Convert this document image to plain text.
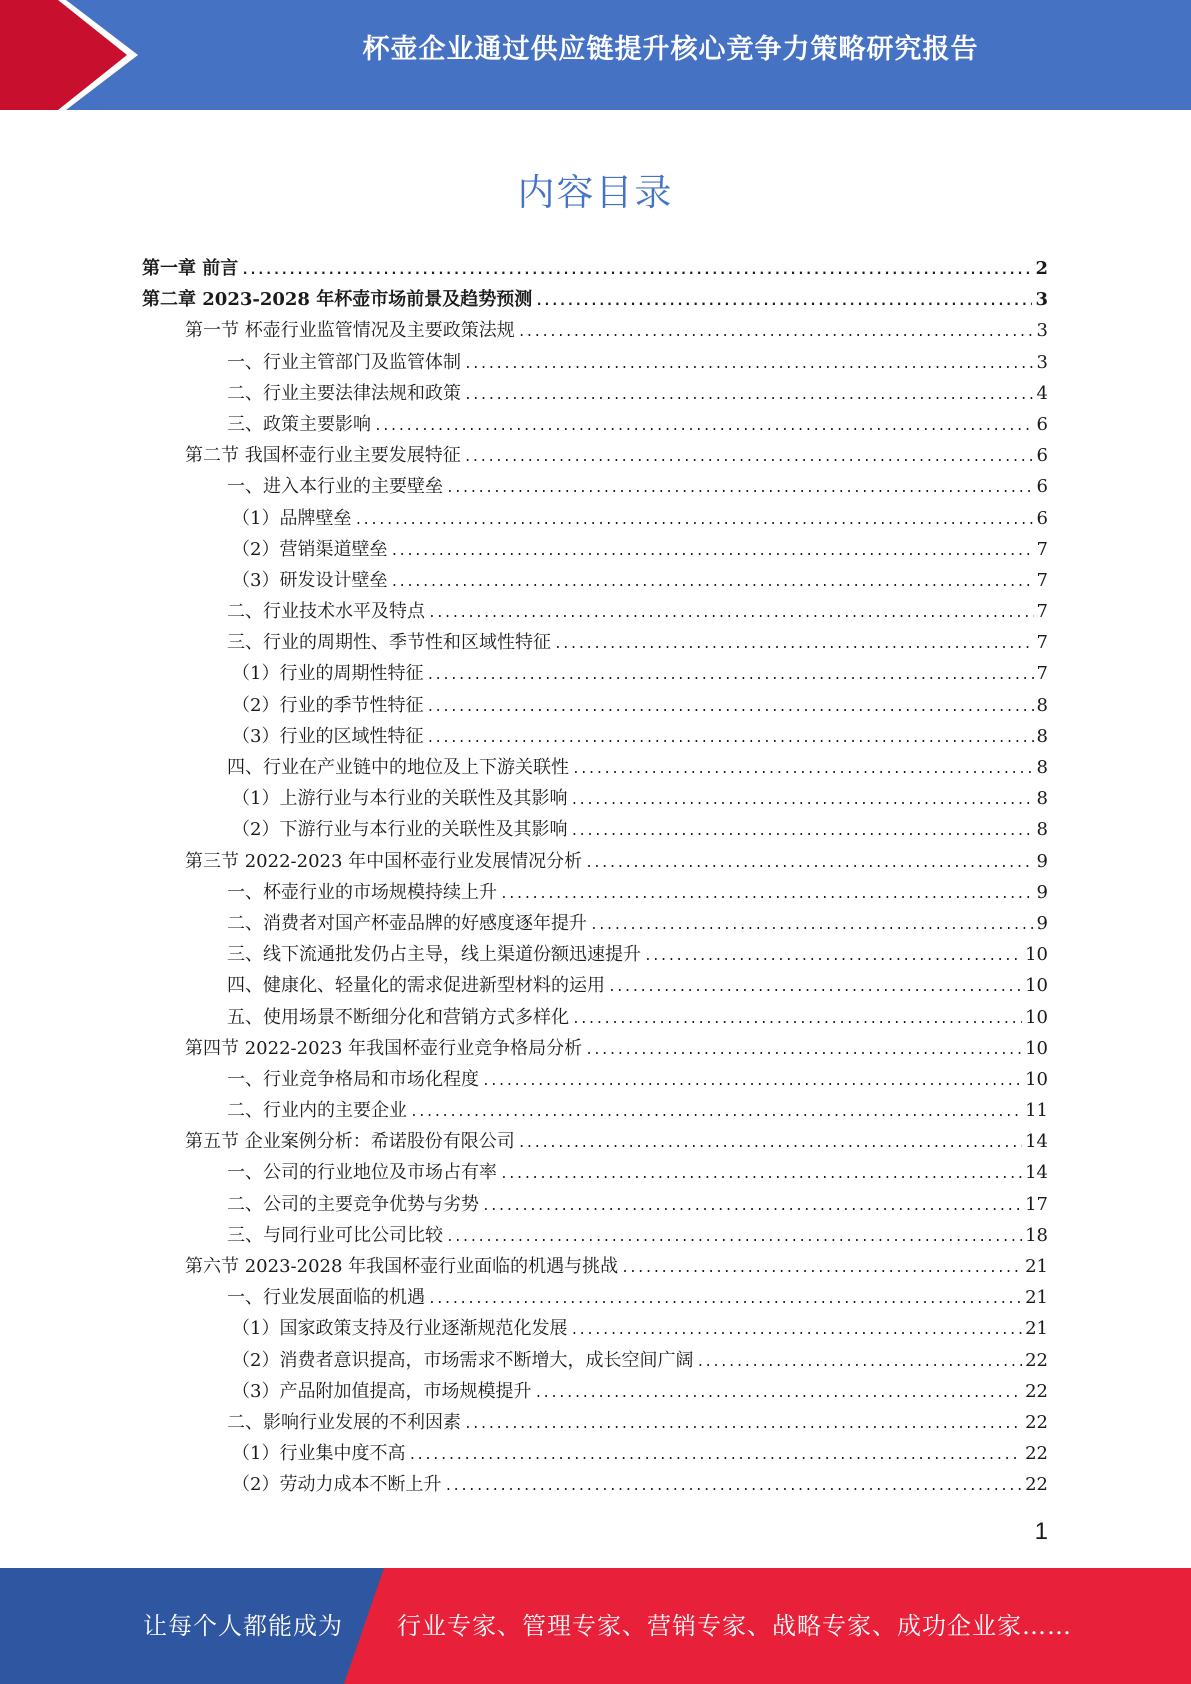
杯壶企业通过供应链提升核心竞争力策略研究报告
内容目录
第一章 前言 .....	2
第二章 2023-2028 年杯壶市场前景及趋势预测 .....	3
第一节 杯壶行业监管情况及主要政策法规 .....	3
一、行业主管部门及监管体制 .....	3
二、行业主要法律法规和政策 .....	4
三、政策主要影响 .....	6
第二节 我国杯壶行业主要发展特征 .....	6
一、进入本行业的主要壁垒 .....	6
（1）品牌壁垒 .....	6
（2）营销渠道壁垒 .....	7
（3）研发设计壁垒 .....	7
二、行业技术水平及特点 .....	7
三、行业的周期性、季节性和区域性特征 .....	7
（1）行业的周期性特征 .....	7
（2）行业的季节性特征 .....	8
（3）行业的区域性特征 .....	8
四、行业在产业链中的地位及上下游关联性 .....	8
（1）上游行业与本行业的关联性及其影响 .....	8
（2）下游行业与本行业的关联性及其影响 .....	8
第三节 2022-2023 年中国杯壶行业发展情况分析 .....	9
一、杯壶行业的市场规模持续上升 .....	9
二、消费者对国产杯壶品牌的好感度逐年提升 .....	9
三、线下流通批发仍占主导，线上渠道份额迅速提升 .....	10
四、健康化、轻量化的需求促进新型材料的运用 .....	10
五、使用场景不断细分化和营销方式多样化 .....	10
第四节 2022-2023 年我国杯壶行业竞争格局分析 .....	10
一、行业竞争格局和市场化程度 .....	10
二、行业内的主要企业 .....	11
第五节 企业案例分析：希诺股份有限公司 .....	14
一、公司的行业地位及市场占有率 .....	14
二、公司的主要竞争优势与劣势 .....	17
三、与同行业可比公司比较 .....	18
第六节 2023-2028 年我国杯壶行业面临的机遇与挑战 .....	21
一、行业发展面临的机遇 .....	21
（1）国家政策支持及行业逐渐规范化发展 .....	21
（2）消费者意识提高，市场需求不断增大，成长空间广阔 .....	22
（3）产品附加值提高，市场规模提升 .....	22
二、影响行业发展的不利因素 .....	22
（1）行业集中度不高 .....	22
（2）劳动力成本不断上升 .....	22
1
让每个人都能成为 行业专家、管理专家、营销专家、战略专家、成功企业家……
